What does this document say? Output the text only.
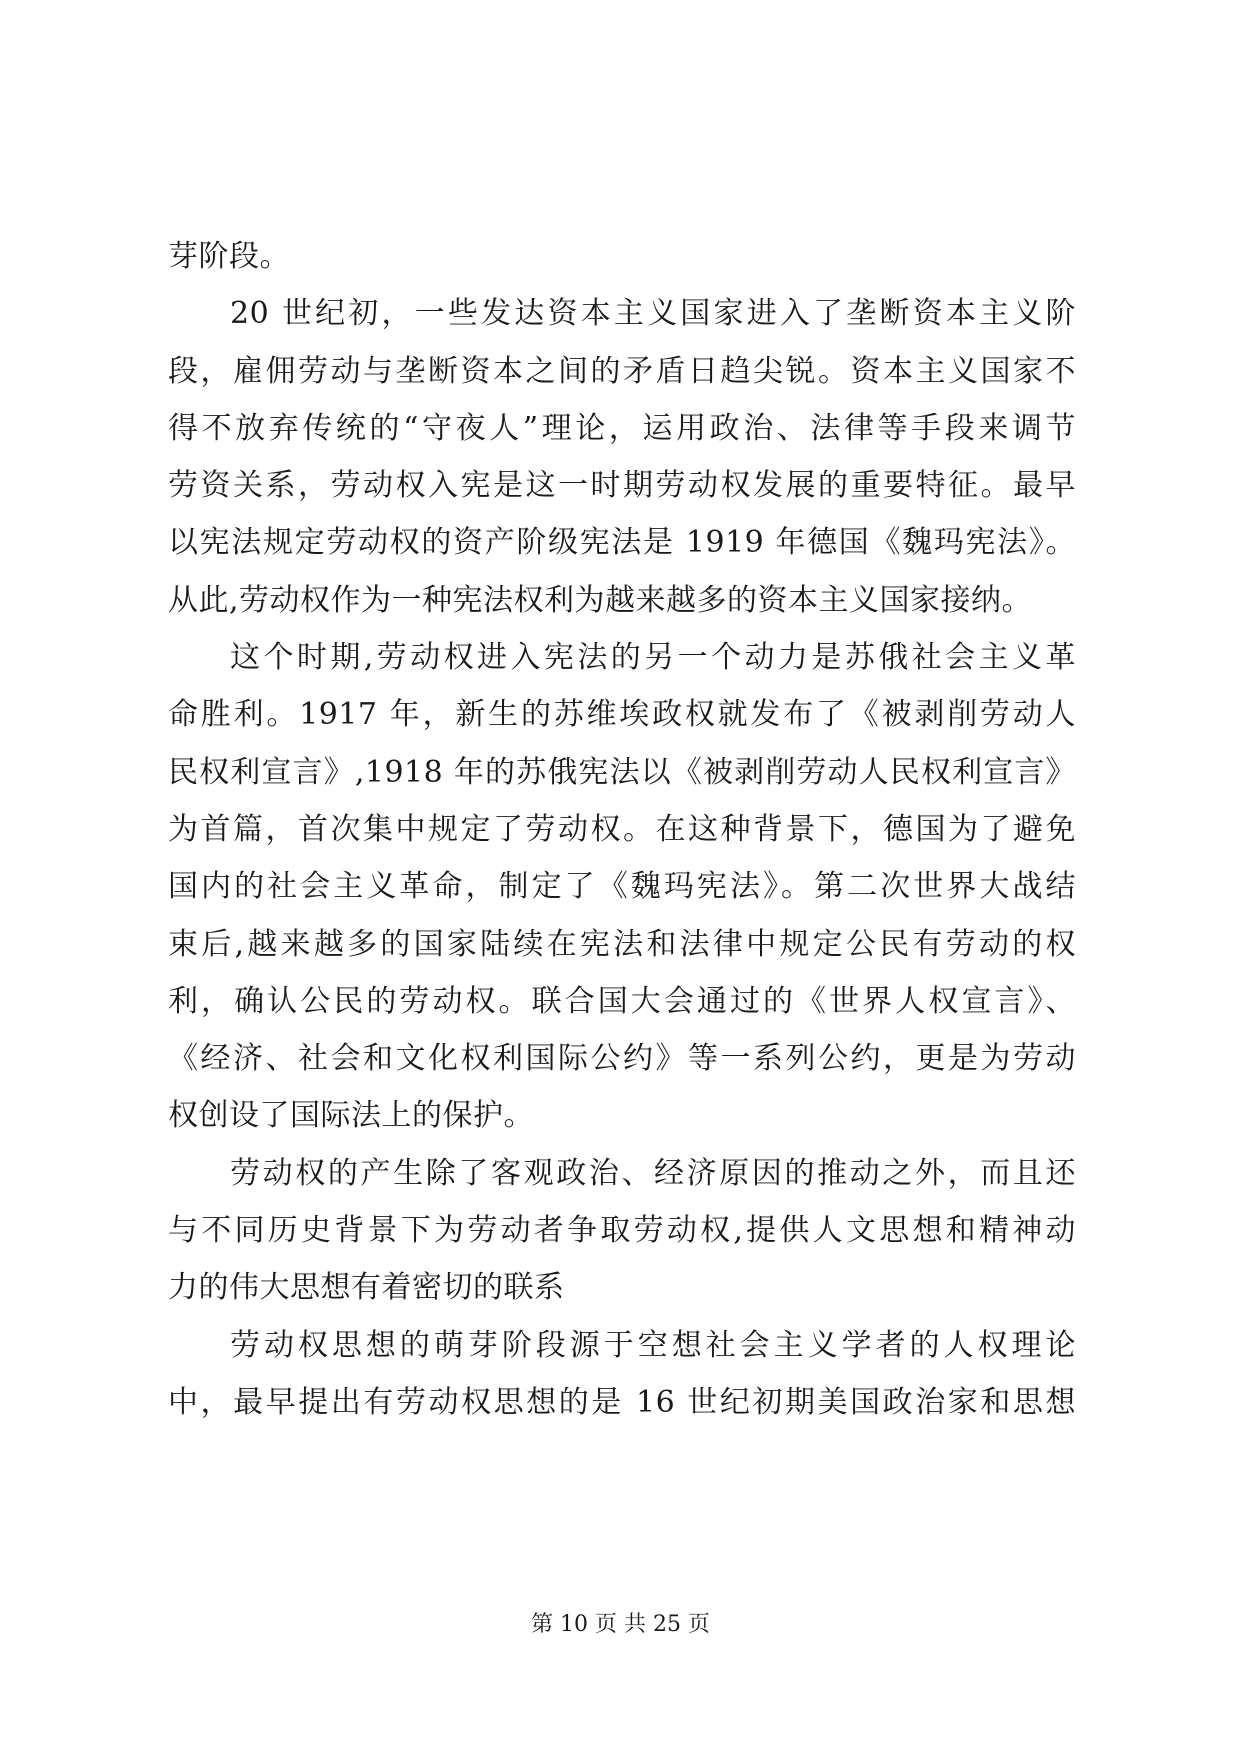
芽阶段。
20 世纪初，一些发达资本主义国家进入了垄断资本主义阶
段，雇佣劳动与垄断资本之间的矛盾日趋尖锐。资本主义国家不
得不放弃传统的“守夜人”理论，运用政治、法律等手段来调节
劳资关系，劳动权入宪是这一时期劳动权发展的重要特征。最早
以宪法规定劳动权的资产阶级宪法是 1919 年德国《魏玛宪法》。
从此,劳动权作为一种宪法权利为越来越多的资本主义国家接纳。
这个时期,劳动权进入宪法的另一个动力是苏俄社会主义革
命胜利。1917 年，新生的苏维埃政权就发布了《被剥削劳动人
民权利宣言》,1918 年的苏俄宪法以《被剥削劳动人民权利宣言》
为首篇，首次集中规定了劳动权。在这种背景下，德国为了避免
国内的社会主义革命，制定了《魏玛宪法》。第二次世界大战结
束后,越来越多的国家陆续在宪法和法律中规定公民有劳动的权
利，确认公民的劳动权。联合国大会通过的《世界人权宣言》、
《经济、社会和文化权利国际公约》等一系列公约，更是为劳动
权创设了国际法上的保护。
劳动权的产生除了客观政治、经济原因的推动之外，而且还
与不同历史背景下为劳动者争取劳动权,提供人文思想和精神动
力的伟大思想有着密切的联系
劳动权思想的萌芽阶段源于空想社会主义学者的人权理论
中，最早提出有劳动权思想的是 16 世纪初期美国政治家和思想
第 10 页 共 25 页
